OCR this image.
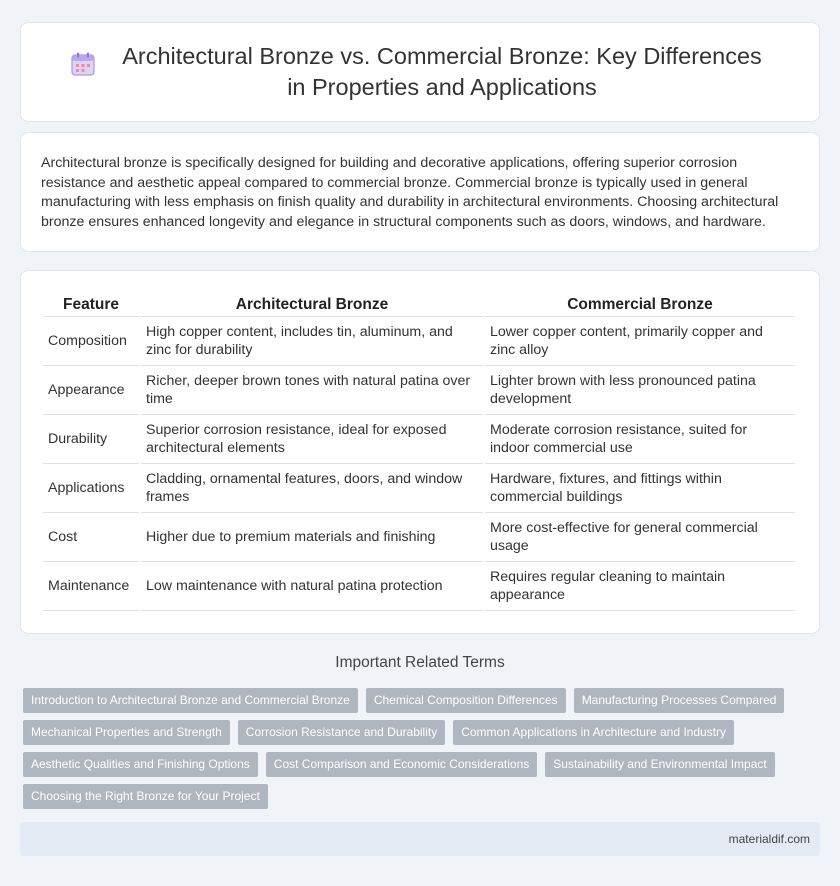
Architectural Bronze vs. Commercial Bronze: Key Differences in Properties and Applications

Architectural bronze is specifically designed for building and decorative applications, offering superior corrosion resistance and aesthetic appeal compared to commercial bronze. Commercial bronze is typically used in general manufacturing with less emphasis on finish quality and durability in architectural environments. Choosing architectural bronze ensures enhanced longevity and elegance in structural components such as doors, windows, and hardware.

Feature	Architectural Bronze	Commercial Bronze
Composition	High copper content, includes tin, aluminum, and zinc for durability	Lower copper content, primarily copper and zinc alloy
Appearance	Richer, deeper brown tones with natural patina over time	Lighter brown with less pronounced patina development
Durability	Superior corrosion resistance, ideal for exposed architectural elements	Moderate corrosion resistance, suited for indoor commercial use
Applications	Cladding, ornamental features, doors, and window frames	Hardware, fixtures, and fittings within commercial buildings
Cost	Higher due to premium materials and finishing	More cost-effective for general commercial usage
Maintenance	Low maintenance with natural patina protection	Requires regular cleaning to maintain appearance
Important Related Terms
Introduction to Architectural Bronze and Commercial Bronze	Chemical Composition Differences	Manufacturing Processes Compared
Mechanical Properties and Strength	Corrosion Resistance and Durability	Common Applications in Architecture and Industry
Aesthetic Qualities and Finishing Options	Cost Comparison and Economic Considerations	Sustainability and Environmental Impact
Choosing the Right Bronze for Your Project
materialdif.com
